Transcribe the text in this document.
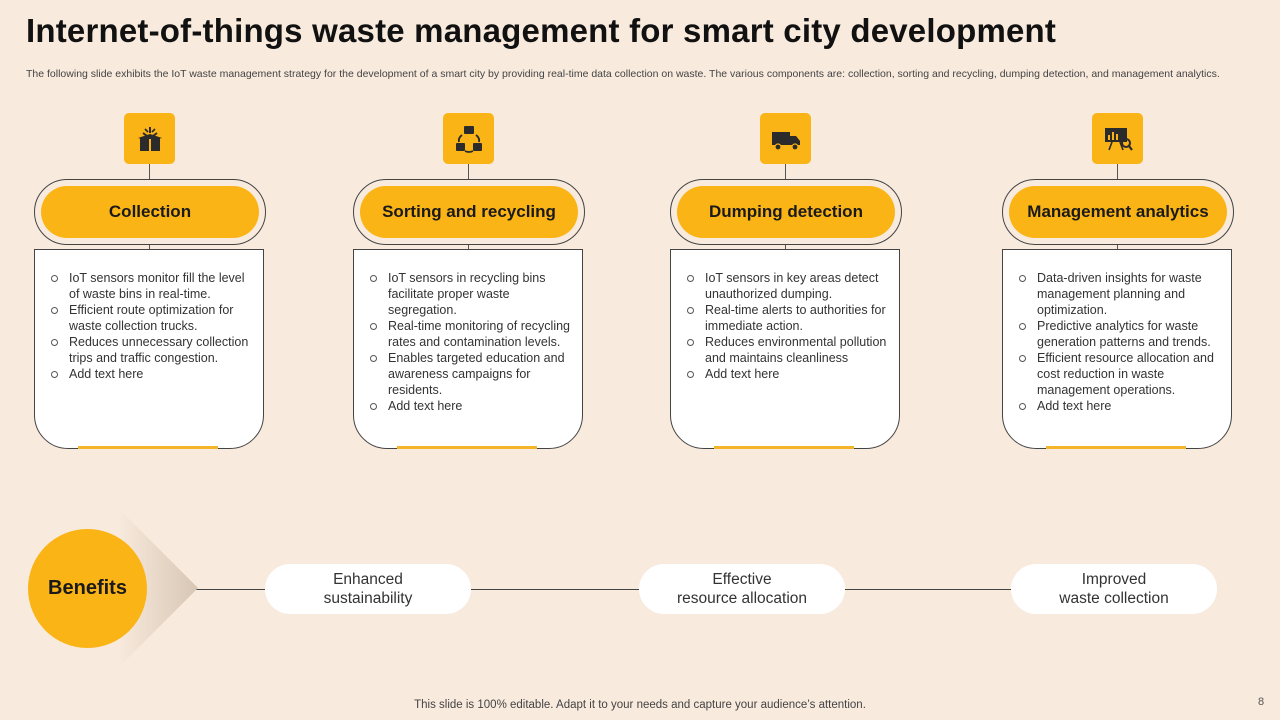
Internet-of-things waste management for smart city development
The following slide exhibits the IoT waste management strategy for the development of a smart city by providing real-time data collection on waste. The various components are: collection, sorting and recycling, dumping detection, and management analytics.
Collection
IoT sensors monitor fill the level of waste bins in real-time.
Efficient route optimization for waste collection trucks.
Reduces unnecessary collection trips and traffic congestion.
Add text here
Sorting and recycling
IoT sensors in recycling bins facilitate proper waste segregation.
Real-time monitoring of recycling rates and contamination levels.
Enables targeted education and awareness campaigns for residents.
Add text here
Dumping detection
IoT sensors in key areas detect unauthorized dumping.
Real-time alerts to authorities for immediate action.
Reduces environmental pollution and maintains cleanliness
Add text here
Management analytics
Data-driven insights for waste management planning and optimization.
Predictive analytics for waste generation patterns and trends.
Efficient resource allocation and cost reduction in waste management operations.
Add text here
Benefits	Enhanced
sustainability
Effective
resource allocation
Improved
waste collection
This slide is 100% editable. Adapt it to your needs and capture your audience’s attention.	8
